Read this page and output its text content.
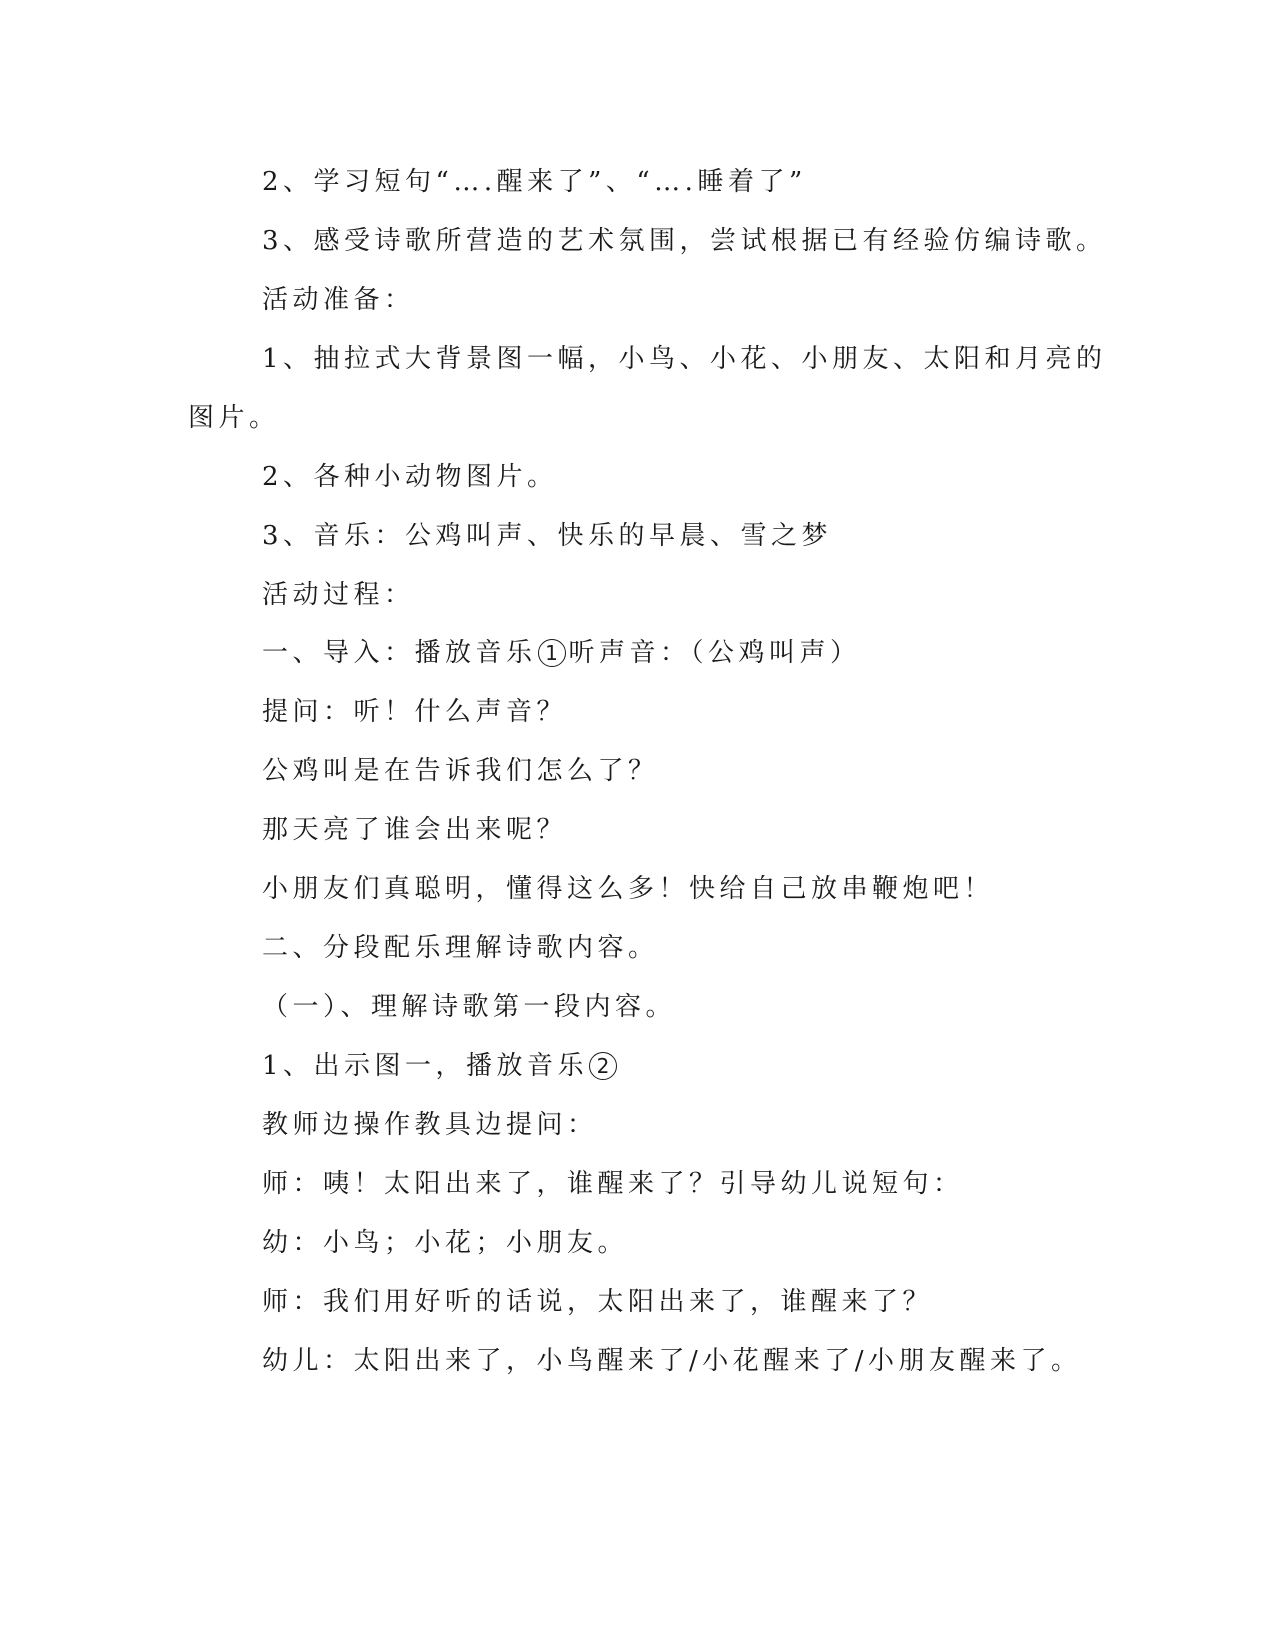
2、学习短句“….醒来了”、“….睡着了”
3、感受诗歌所营造的艺术氛围，尝试根据已有经验仿编诗歌。
活动准备：
1、抽拉式大背景图一幅，小鸟、小花、小朋友、太阳和月亮的
图片。
2、各种小动物图片。
3、音乐：公鸡叫声、快乐的早晨、雪之梦
活动过程：
一、导入：播放音乐 1 听声音：（公鸡叫声）
提问：听！什么声音？
公鸡叫是在告诉我们怎么了？
那天亮了谁会出来呢？
小朋友们真聪明，懂得这么多！快给自己放串鞭炮吧！
二、分段配乐理解诗歌内容。
（一）、理解诗歌第一段内容。
1、出示图一，播放音乐 2
教师边操作教具边提问：
师：咦！太阳出来了，谁醒来了？引导幼儿说短句：
幼：小鸟；小花；小朋友。
师：我们用好听的话说，太阳出来了，谁醒来了？
幼儿：太阳出来了，小鸟醒来了/小花醒来了/小朋友醒来了。
